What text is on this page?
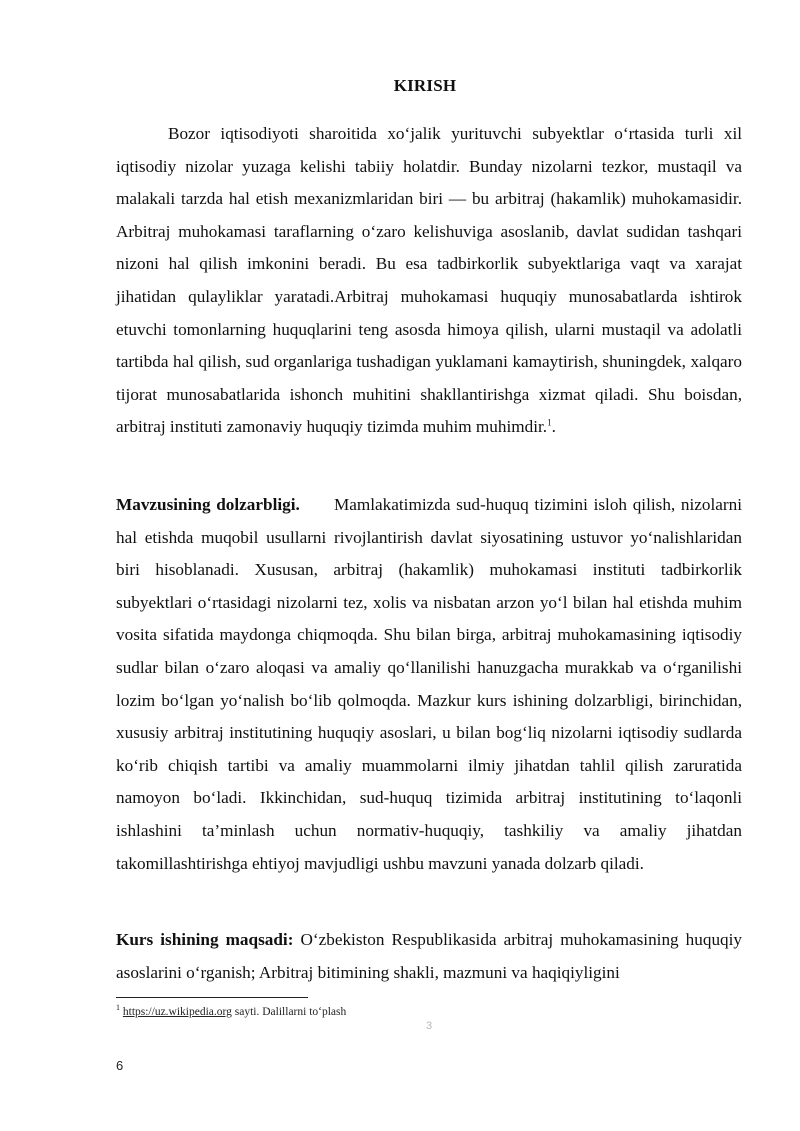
KIRISH

Bozor iqtisodiyoti sharoitida xo‘jalik yurituvchi subyektlar o‘rtasida turli xil iqtisodiy nizolar yuzaga kelishi tabiiy holatdir. Bunday nizolarni tezkor, mustaqil va malakali tarzda hal etish mexanizmlaridan biri — bu arbitraj (hakamlik) muhokamasidir. Arbitraj muhokamasi taraflarning o‘zaro kelishuviga asoslanib, davlat sudidan tashqari nizoni hal qilish imkonini beradi. Bu esa tadbirkorlik subyektlariga vaqt va xarajat jihatidan qulayliklar yaratadi.Arbitraj muhokamasi huquqiy munosabatlarda ishtirok etuvchi tomonlarning huquqlarini teng asosda himoya qilish, ularni mustaqil va adolatli tartibda hal qilish, sud organlariga tushadigan yuklamani kamaytirish, shuningdek, xalqaro tijorat munosabatlarida ishonch muhitini shakllantirishga xizmat qiladi. Shu boisdan, arbitraj instituti zamonaviy huquqiy tizimda muhim muhimdir.$^1$.

Mavzusining dolzarbligi. Mamlakatimizda sud-huquq tizimini isloh qilish, nizolarni hal etishda muqobil usullarni rivojlantirish davlat siyosatining ustuvor yo‘nalishlaridan biri hisoblanadi. Xususan, arbitraj (hakamlik) muhokamasi instituti tadbirkorlik subyektlari o‘rtasidagi nizolarni tez, xolis va nisbatan arzon yo‘l bilan hal etishda muhim vosita sifatida maydonga chiqmoqda. Shu bilan birga, arbitraj muhokamasining iqtisodiy sudlar bilan o‘zaro aloqasi va amaliy qo‘llanilishi hanuzgacha murakkab va o‘rganilishi lozim bo‘lgan yo‘nalish bo‘lib qolmoqda. Mazkur kurs ishining dolzarbligi, birinchidan, xususiy arbitraj institutining huquqiy asoslari, u bilan bog‘liq nizolarni iqtisodiy sudlarda ko‘rib chiqish tartibi va amaliy muammolarni ilmiy jihatdan tahlil qilish zaruratida namoyon bo‘ladi. Ikkinchidan, sud-huquq tizimida arbitraj institutining to‘laqonli ishlashini ta’minlash uchun normativ-huquqiy, tashkiliy va amaliy jihatdan takomillashtirishga ehtiyoj mavjudligi ushbu mavzuni yanada dolzarb qiladi.

Kurs ishining maqsadi: O‘zbekiston Respublikasida arbitraj muhokamasining huquqiy asoslarini o‘rganish; Arbitraj bitimining shakli, mazmuni va haqiqiyligini

$^1$ https://uz.wikipedia.org sayti. Dalillarni to‘plash
3
6
